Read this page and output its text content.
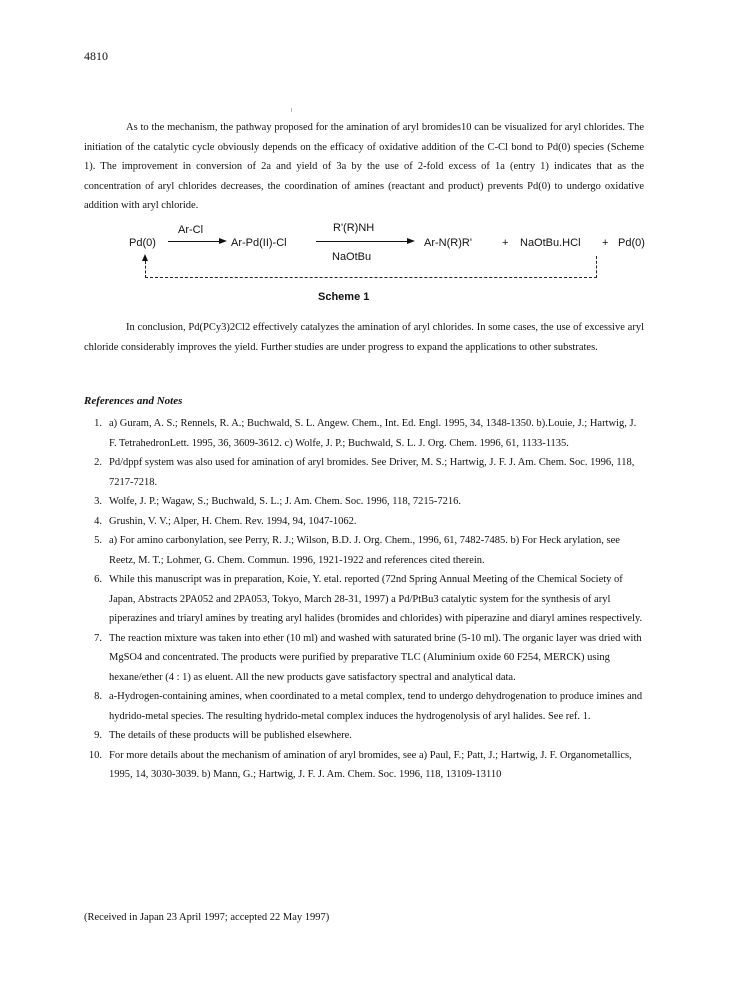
4810

As to the mechanism, the pathway proposed for the amination of aryl bromides10 can be visualized for aryl chlorides. The initiation of the catalytic cycle obviously depends on the efficacy of oxidative addition of the C-Cl bond to Pd(0) species (Scheme 1). The improvement in conversion of 2a and yield of 3a by the use of 2-fold excess of 1a (entry 1) indicates that as the concentration of aryl chlorides decreases, the coordination of amines (reactant and product) prevents Pd(0) to undergo oxidative addition with aryl chloride.

Pd(0)
Ar-Cl
Ar-Pd(II)-Cl
R'(R)NH
NaOtBu
Ar-N(R)R'	+ NaOtBu.HCl + Pd(0)
Scheme 1

In conclusion, Pd(PCy3)2Cl2 effectively catalyzes the amination of aryl chlorides. In some cases, the use of excessive aryl chloride considerably improves the yield. Further studies are under progress to expand the applications to other substrates.

References and Notes
1. a) Guram, A. S.; Rennels, R. A.; Buchwald, S. L. Angew. Chem., Int. Ed. Engl. 1995, 34, 1348-1350. b).Louie, J.; Hartwig, J. F. TetrahedronLett. 1995, 36, 3609-3612. c) Wolfe, J. P.; Buchwald, S. L. J. Org. Chem. 1996, 61, 1133-1135.
2. Pd/dppf system was also used for amination of aryl bromides. See Driver, M. S.; Hartwig, J. F. J. Am. Chem. Soc. 1996, 118, 7217-7218.
3. Wolfe, J. P.; Wagaw, S.; Buchwald, S. L.; J. Am. Chem. Soc. 1996, 118, 7215-7216.
4. Grushin, V. V.; Alper, H. Chem. Rev. 1994, 94, 1047-1062.
5. a) For amino carbonylation, see Perry, R. J.; Wilson, B.D. J. Org. Chem., 1996, 61, 7482-7485. b) For Heck arylation, see Reetz, M. T.; Lohmer, G. Chem. Commun. 1996, 1921-1922 and references cited therein.
6. While this manuscript was in preparation, Koie, Y. etal. reported (72nd Spring Annual Meeting of the Chemical Society of Japan, Abstracts 2PA052 and 2PA053, Tokyo, March 28-31, 1997) a Pd/PtBu3 catalytic system for the synthesis of aryl piperazines and triaryl amines by treating aryl halides (bromides and chlorides) with piperazine and diaryl amines respectively.
7. The reaction mixture was taken into ether (10 ml) and washed with saturated brine (5-10 ml). The organic layer was dried with MgSO4 and concentrated. The products were purified by preparative TLC (Aluminium oxide 60 F254, MERCK) using hexane/ether (4 : 1) as eluent. All the new products gave satisfactory spectral and analytical data.
8. a-Hydrogen-containing amines, when coordinated to a metal complex, tend to undergo dehydrogenation to produce imines and hydrido-metal species. The resulting hydrido-metal complex induces the hydrogenolysis of aryl halides. See ref. 1.
9. The details of these products will be published elsewhere.
10. For more details about the mechanism of amination of aryl bromides, see a) Paul, F.; Patt, J.; Hartwig, J. F. Organometallics, 1995, 14, 3030-3039. b) Mann, G.; Hartwig, J. F. J. Am. Chem. Soc. 1996, 118, 13109-13110
(Received in Japan 23 April 1997; accepted 22 May 1997)
